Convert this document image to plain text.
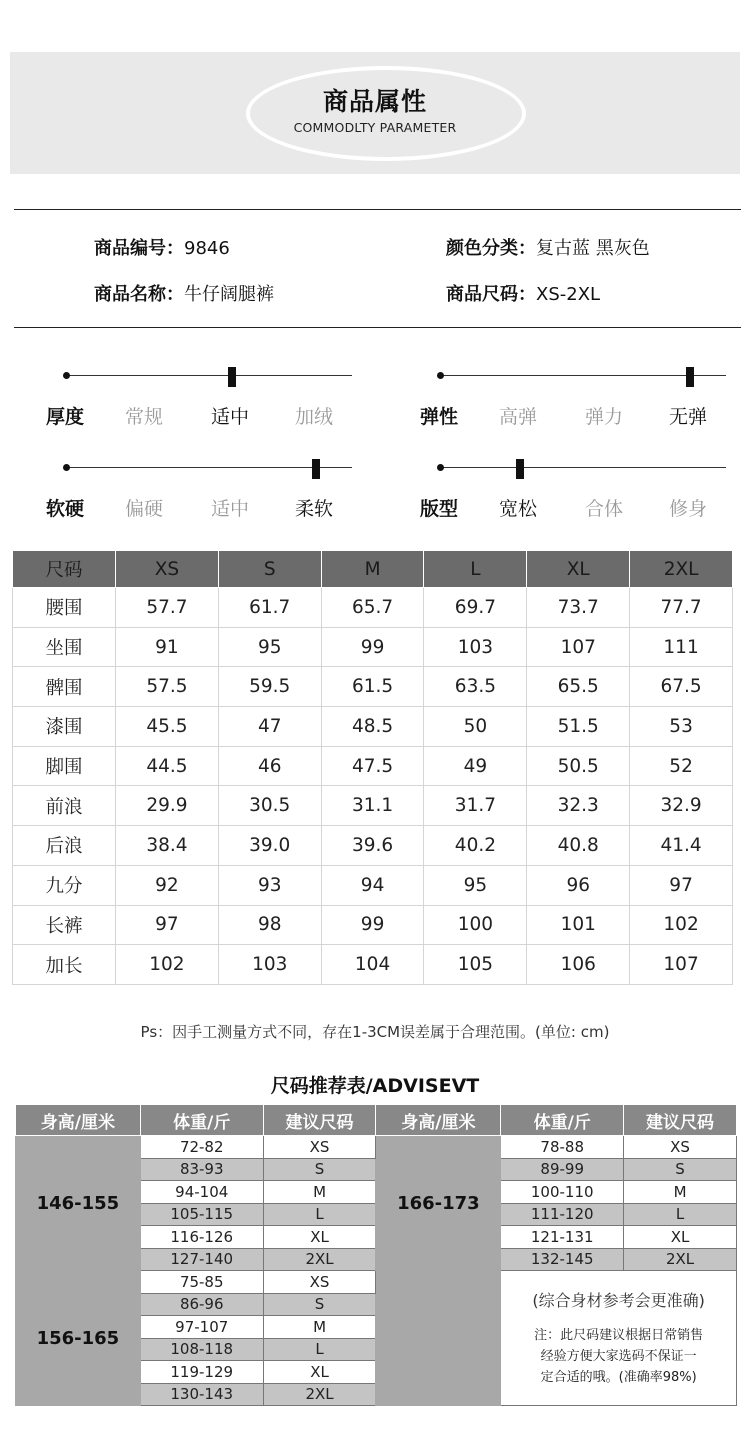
商品属性
COMMODLTY PARAMETER
商品编号：9846	颜色分类：复古蓝 黑灰色
商品名称：牛仔阔腿裤	商品尺码：XS-2XL
厚度 常规	适中 加绒	弹性 高弹	弹力 无弹
软硬 偏硬	适中 柔软	版型 宽松	合体 修身
尺码	XS	S	M	L	XL	2XL
腰围	57.7	61.7	65.7	69.7	73.7	77.7
坐围	91	95	99	103	107	111
髀围	57.5	59.5	61.5	63.5	65.5	67.5
漆围	45.5	47	48.5	50	51.5	53
脚围	44.5	46	47.5	49	50.5	52
前浪	29.9	30.5	31.1	31.7	32.3	32.9
后浪	38.4	39.0	39.6	40.2	40.8	41.4
九分	92	93	94	95	96	97
长裤	97	98	99	100	101	102
加长	102	103	104	105	106	107
Ps：因手工测量方式不同，存在1-3CM误差属于合理范围。(单位: cm)
尺码推荐表/ADVISEVT
身高/厘米	体重/斤	建议尺码	身高/厘米	体重/斤	建议尺码
146-155	72-82	XS	166-173	78-88	XS
	83-93	S		89-99	S
	94-104	M		100-110	M
	105-115	L		111-120	L
	116-126	XL		121-131	XL
	127-140	2XL		132-145	2XL
156-165	75-85	XS		(综合身材参考会更准确)
注：此尺码建议根据日常销售
经验方便大家选码不保证一
定合适的哦。(准确率98%)	

	86-96	S			
	97-107	M			
	108-118	L			
	119-129	XL			
	130-143	2XL			
